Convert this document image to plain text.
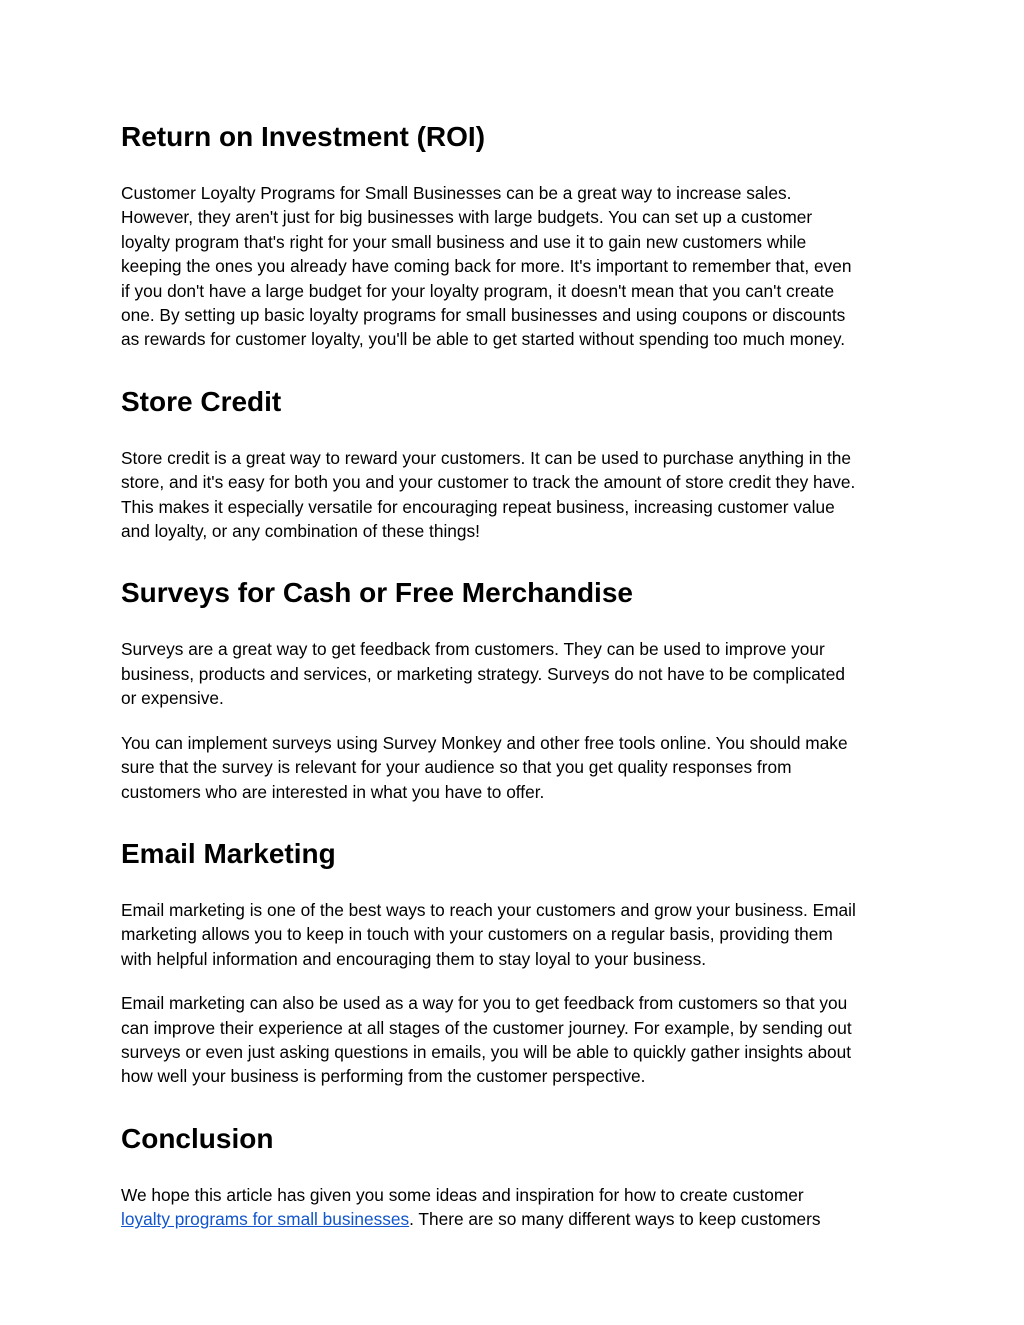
Return on Investment (ROI)

Customer Loyalty Programs for Small Businesses can be a great way to increase sales.
However, they aren't just for big businesses with large budgets. You can set up a customer
loyalty program that's right for your small business and use it to gain new customers while
keeping the ones you already have coming back for more. It's important to remember that, even
if you don't have a large budget for your loyalty program, it doesn't mean that you can't create
one. By setting up basic loyalty programs for small businesses and using coupons or discounts
as rewards for customer loyalty, you'll be able to get started without spending too much money.

Store Credit

Store credit is a great way to reward your customers. It can be used to purchase anything in the
store, and it's easy for both you and your customer to track the amount of store credit they have.
This makes it especially versatile for encouraging repeat business, increasing customer value
and loyalty, or any combination of these things!

Surveys for Cash or Free Merchandise

Surveys are a great way to get feedback from customers. They can be used to improve your
business, products and services, or marketing strategy. Surveys do not have to be complicated
or expensive.

You can implement surveys using Survey Monkey and other free tools online. You should make
sure that the survey is relevant for your audience so that you get quality responses from
customers who are interested in what you have to offer.

Email Marketing

Email marketing is one of the best ways to reach your customers and grow your business. Email
marketing allows you to keep in touch with your customers on a regular basis, providing them
with helpful information and encouraging them to stay loyal to your business.

Email marketing can also be used as a way for you to get feedback from customers so that you
can improve their experience at all stages of the customer journey. For example, by sending out
surveys or even just asking questions in emails, you will be able to quickly gather insights about
how well your business is performing from the customer perspective.

Conclusion

We hope this article has given you some ideas and inspiration for how to create customer
loyalty programs for small businesses. There are so many different ways to keep customers
